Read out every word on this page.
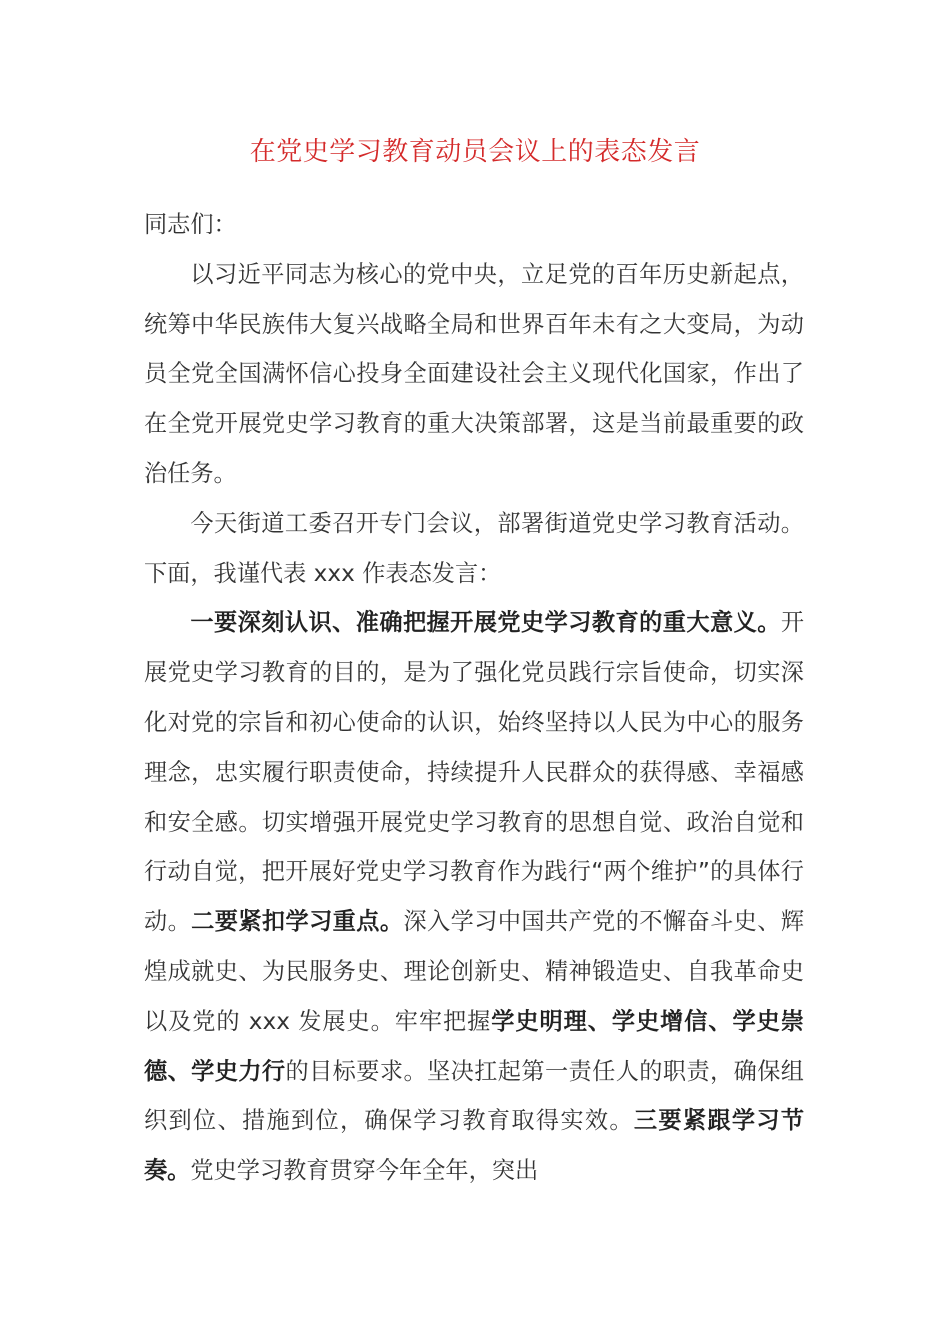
在党史学习教育动员会议上的表态发言

同志们：

以习近平同志为核心的党中央，立足党的百年历史新起点，统筹中华民族伟大复兴战略全局和世界百年未有之大变局，为动员全党全国满怀信心投身全面建设社会主义现代化国家，作出了在全党开展党史学习教育的重大决策部署，这是当前最重要的政治任务。

今天街道工委召开专门会议，部署街道党史学习教育活动。下面，我谨代表 xxx 作表态发言：

一要深刻认识、准确把握开展党史学习教育的重大意义。开展党史学习教育的目的，是为了强化党员践行宗旨使命，切实深化对党的宗旨和初心使命的认识，始终坚持以人民为中心的服务理念，忠实履行职责使命，持续提升人民群众的获得感、幸福感和安全感。切实增强开展党史学习教育的思想自觉、政治自觉和行动自觉，把开展好党史学习教育作为践行“两个维护”的具体行动。二要紧扣学习重点。深入学习中国共产党的不懈奋斗史、辉煌成就史、为民服务史、理论创新史、精神锻造史、自我革命史以及党的 xxx 发展史。牢牢把握学史明理、学史增信、学史崇德、学史力行的目标要求。坚决扛起第一责任人的职责，确保组织到位、措施到位，确保学习教育取得实效。三要紧跟学习节奏。党史学习教育贯穿今年全年，突出
